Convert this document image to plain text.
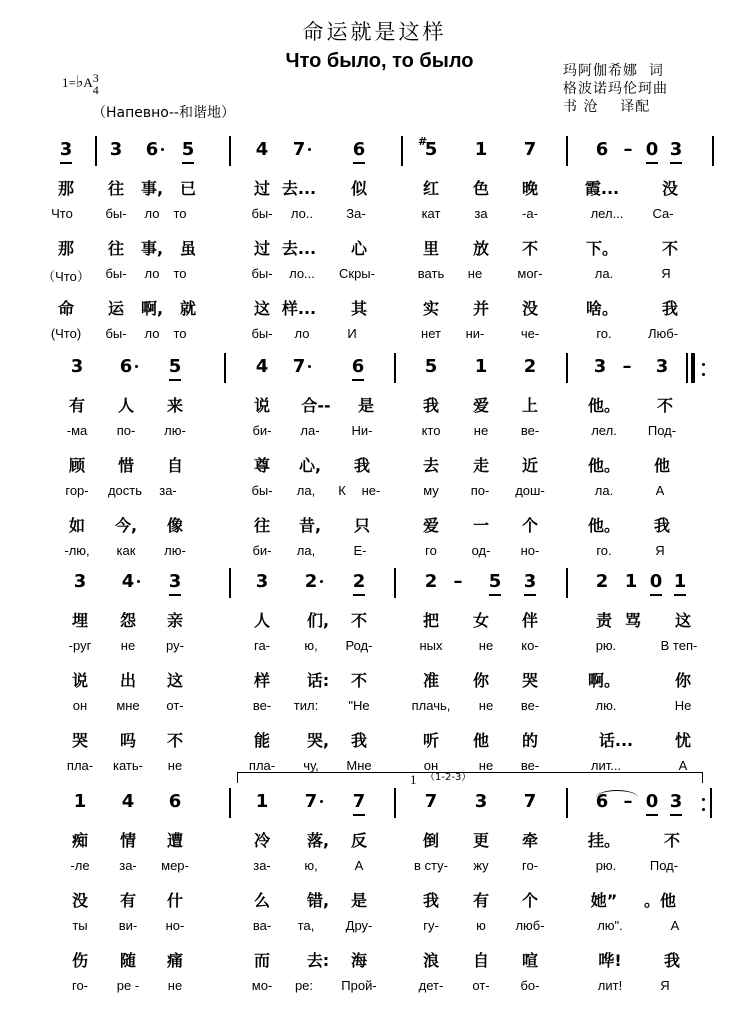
命运就是这样
Что было, то было	玛阿伽希娜 词
格波诺玛伦珂曲
书 沧 译配
1=♭A3
4
（Напевно--和谐地）
3	3	6	5	4	7	6	5
#	1	7	6 – 0 3
那	往	事,	已	过 去...	似	红	色	晚	霞...	没
Что	бы-	ло	то	бы-	ло..	За-	кат	за	-а-	лел...	Са-
那	往	事,	虽	过 去...	心	里	放	不	下。	不
（Что）	бы-	ло	то	бы-	ло...	Скры-	вать	не	мог-	ла.	Я
命	运	啊,	就	这 样...	其	实	并	没	啥。	我
(Что)	бы-	ло	то	бы-	ло	И	нет	ни-	че-	го.	Люб-
3	6	5	4	7	6	5	1	2	3 –	3
有	人	来	说	合--	是	我	爱	上	他。	不
-ма	по-	лю-	би-	ла-	Ни-	кто	не	ве-	лел.	Под-
顾	惜	自	尊	心,	我	去	走	近	他。	他
гор-	дость	за-	бы-	ла,	К	не-	му	по-	дош-	ла.	А
如	今,	像	往	昔,	只	爱	一	个	他。	我
-лю,	как	лю-	би-	ла,	Е-	го	од-	но-	го.	Я
3	4	3	3	2	2	2 –	5	3	2 1 0 1
埋	怨	亲	人	们,	不	把	女	伴	责 骂	这
-руг	не	ру-	га-	ю,	Род-	ных	не	ко-	рю.	В теп-
说	出	这	样	话:	不	准	你	哭	啊。	你
он	мне	от-	ве-	тил:	"Не	плачь,	не	ве-	лю.	Не
哭	吗	不	能	哭,	我	听	他	的	话...	忧
пла-	кать-	не	пла-	чу,	Мне	он	не	ве-	лит...	А
1	4	6	1	7	7	7	3	7	6 – 0 3
痴	情	遭	冷	落,	反	倒	更	牵	挂。	不
-ле	за-	мер-	за-	ю,	А	в сту-	жу	го-	рю.	Под-
没	有	什	么	错,	是	我	有	个	她”	。他
ты	ви-	но-	ва-	та,	Дру-	гу-	ю	люб-	лю".	А
伤	随	痛	而	去:	海	浪	自	喧	哗!	我
го-	ре -	не	мо-	ре:	Прой-	дет-	от-	бо-	лит!	Я
1 （1-2-3）
